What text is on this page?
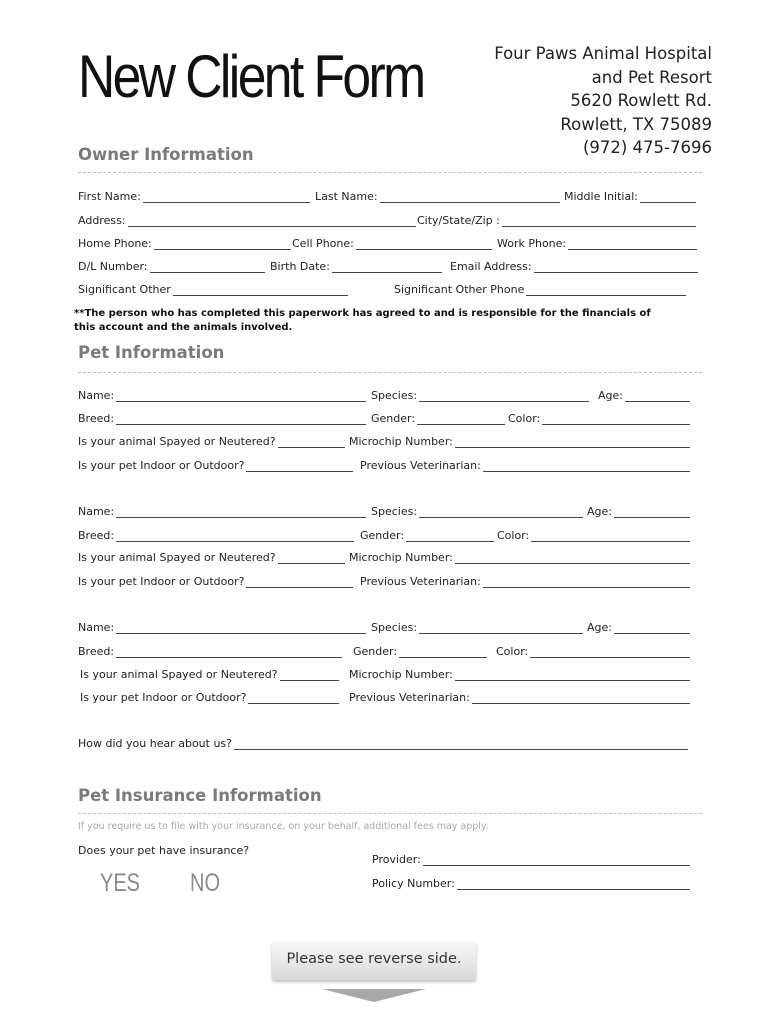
New Client Form	Four Paws Animal Hospital
and Pet Resort
5620 Rowlett Rd.
Rowlett, TX 75089
(972) 475-7696
Owner Information
First Name:	Last Name:	Middle Initial:
Address:	City/State/Zip :
Home Phone:	Cell Phone:	Work Phone:
D/L Number:	Birth Date:	Email Address:
Significant Other	Significant Other Phone
**The person who has completed this paperwork has agreed to and is responsible for the financials of this account and the animals involved.
Pet Information
Name:	Species:	Age:
Breed:	Gender:	Color:
Is your animal Spayed or Neutered?	Microchip Number:
Is your pet Indoor or Outdoor?	Previous Veterinarian:
Name:	Species:	Age:
Breed:	Gender:	Color:
Is your animal Spayed or Neutered?	Microchip Number:
Is your pet Indoor or Outdoor?	Previous Veterinarian:
Name:	Species:	Age:
Breed:	Gender:	Color:
Is your animal Spayed or Neutered?	Microchip Number:
Is your pet Indoor or Outdoor?	Previous Veterinarian:
How did you hear about us?
Pet Insurance Information
If you require us to file with your insurance, on your behalf, additional fees may apply.
Does your pet have insurance?
YES NO
Provider:
Policy Number:
Please see reverse side.
